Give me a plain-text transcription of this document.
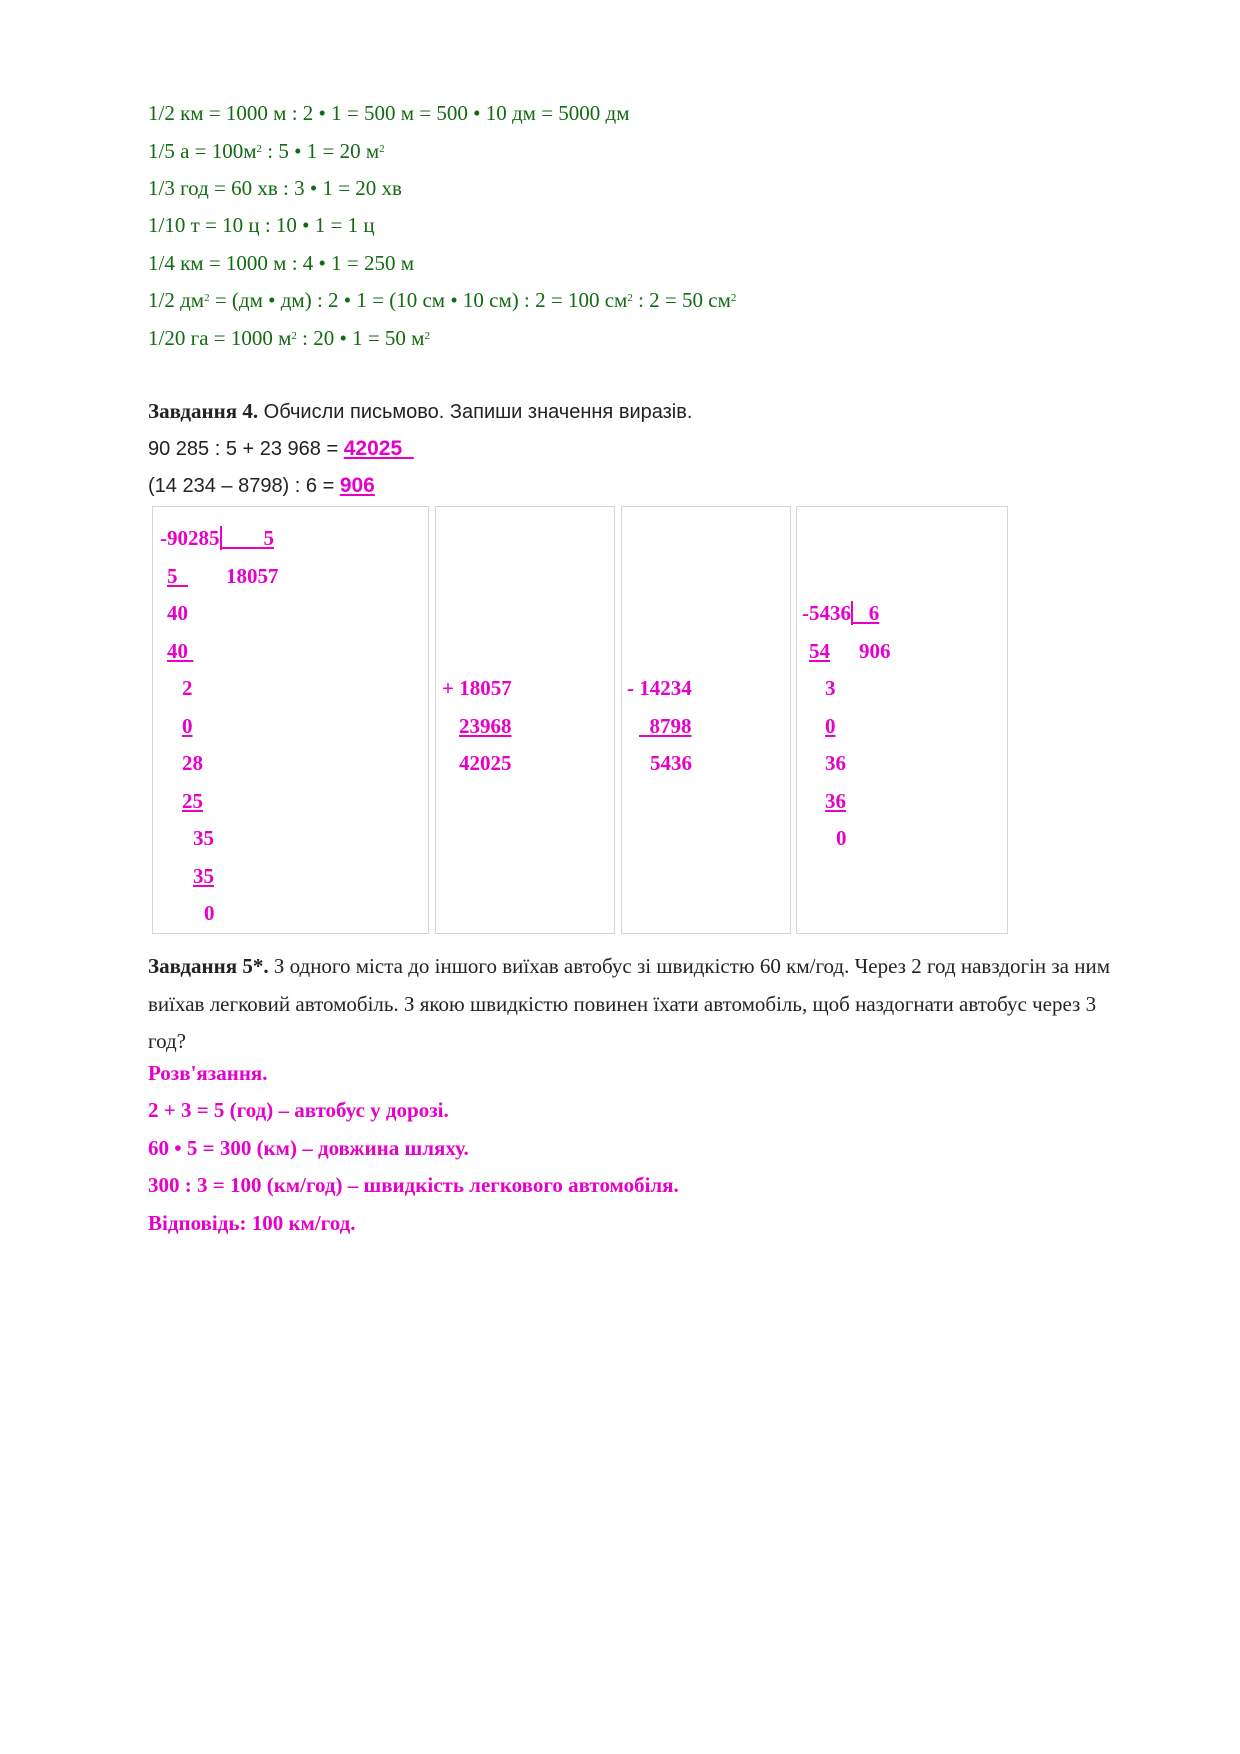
1/2 км = 1000 м : 2 • 1 = 500 м = 500 • 10 дм = 5000 дм
1/5 $а = 100м^2$ : 5 • 1 = 20 $м^2$
1/3 год = 60 хв : 3 • 1 = 20 хв
1/10 т = 10 ц : 10 • 1 = 1 ц
1/4 км = 1000 м : 4 • 1 = 250 м
1/2 $дм^2 = (дм$ • дм) : 2 • 1 = (10 см • 10 см) : 2 = 100 $см^2$ : 2 = 50 $см^2$
1/20 га = 1000 $м^2$ : 20 • 1 = 50 $м^2$
Завдання 4. Обчисли письмово. Запиши значення виразів.
90 285 : 5 + 23 968 = 42025
(14 234 – 8798) : 6 = 906
-90285        5
18057
5
40
40
2
0
28
25
35
35
0
+ 18057
23968
42025
- 14234
8798
5436
-5436   6
906
54
3
0
36
36
0
Завдання 5*. З одного міста до іншого виїхав автобус зі швидкістю 60 км/год. Через 2 год навздогін за ним виїхав легковий автомобіль. З якою швидкістю повинен їхати автомобіль, щоб наздогнати автобус через 3 год?
Розв'язання.
2 + 3 = 5 (год) – автобус у дорозі.
60 • 5 = 300 (км) – довжина шляху.
300 : 3 = 100 (км/год) – швидкість легкового автомобіля.
Відповідь: 100 км/год.
